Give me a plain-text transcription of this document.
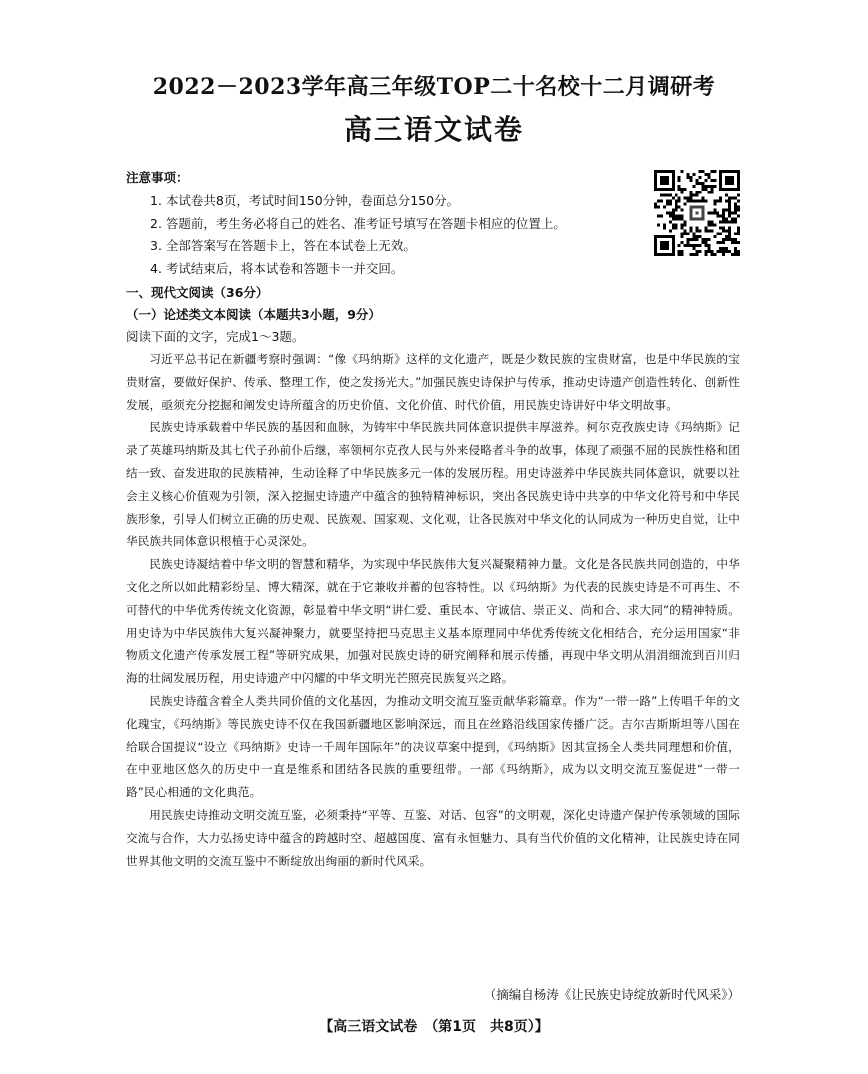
2022－2023学年高三年级TOP二十名校十二月调研考
高三语文试卷
注意事项：
1. 本试卷共8页，考试时间150分钟，卷面总分150分。
2. 答题前，考生务必将自己的姓名、准考证号填写在答题卡相应的位置上。
3. 全部答案写在答题卡上，答在本试卷上无效。
4. 考试结束后，将本试卷和答题卡一并交回。
一、现代文阅读（36分）
（一）论述类文本阅读（本题共3小题，9分）
阅读下面的文字，完成1～3题。

习近平总书记在新疆考察时强调：“像《玛纳斯》这样的文化遗产，既是少数民族的宝贵财富，也是中华民族的宝贵财富，要做好保护、传承、整理工作，使之发扬光大。”加强民族史诗保护与传承，推动史诗遗产创造性转化、创新性发展，亟须充分挖掘和阐发史诗所蕴含的历史价值、文化价值、时代价值，用民族史诗讲好中华文明故事。

民族史诗承载着中华民族的基因和血脉，为铸牢中华民族共同体意识提供丰厚滋养。柯尔克孜族史诗《玛纳斯》记录了英雄玛纳斯及其七代子孙前仆后继，率领柯尔克孜人民与外来侵略者斗争的故事，体现了顽强不屈的民族性格和团结一致、奋发进取的民族精神，生动诠释了中华民族多元一体的发展历程。用史诗滋养中华民族共同体意识，就要以社会主义核心价值观为引领，深入挖掘史诗遗产中蕴含的独特精神标识，突出各民族史诗中共享的中华文化符号和中华民族形象，引导人们树立正确的历史观、民族观、国家观、文化观，让各民族对中华文化的认同成为一种历史自觉，让中华民族共同体意识根植于心灵深处。

民族史诗凝结着中华文明的智慧和精华，为实现中华民族伟大复兴凝聚精神力量。文化是各民族共同创造的，中华文化之所以如此精彩纷呈、博大精深，就在于它兼收并蓄的包容特性。以《玛纳斯》为代表的民族史诗是不可再生、不可替代的中华优秀传统文化资源，彰显着中华文明“讲仁爱、重民本、守诚信、崇正义、尚和合、求大同”的精神特质。用史诗为中华民族伟大复兴凝神聚力，就要坚持把马克思主义基本原理同中华优秀传统文化相结合，充分运用国家“非物质文化遗产传承发展工程”等研究成果，加强对民族史诗的研究阐释和展示传播，再现中华文明从涓涓细流到百川归海的壮阔发展历程，用史诗遗产中闪耀的中华文明光芒照亮民族复兴之路。

民族史诗蕴含着全人类共同价值的文化基因，为推动文明交流互鉴贡献华彩篇章。作为“一带一路”上传唱千年的文化瑰宝，《玛纳斯》等民族史诗不仅在我国新疆地区影响深远，而且在丝路沿线国家传播广泛。吉尔吉斯斯坦等八国在给联合国提议“设立《玛纳斯》史诗一千周年国际年”的决议草案中提到，《玛纳斯》因其宣扬全人类共同理想和价值，在中亚地区悠久的历史中一直是维系和团结各民族的重要纽带。一部《玛纳斯》，成为以文明交流互鉴促进“一带一路”民心相通的文化典范。

用民族史诗推动文明交流互鉴，必须秉持“平等、互鉴、对话、包容”的文明观，深化史诗遗产保护传承领域的国际交流与合作，大力弘扬史诗中蕴含的跨越时空、超越国度、富有永恒魅力、具有当代价值的文化精神，让民族史诗在同世界其他文明的交流互鉴中不断绽放出绚丽的新时代风采。

（摘编自杨涛《让民族史诗绽放新时代风采》）
【高三语文试卷　（第1页　共8页）】
